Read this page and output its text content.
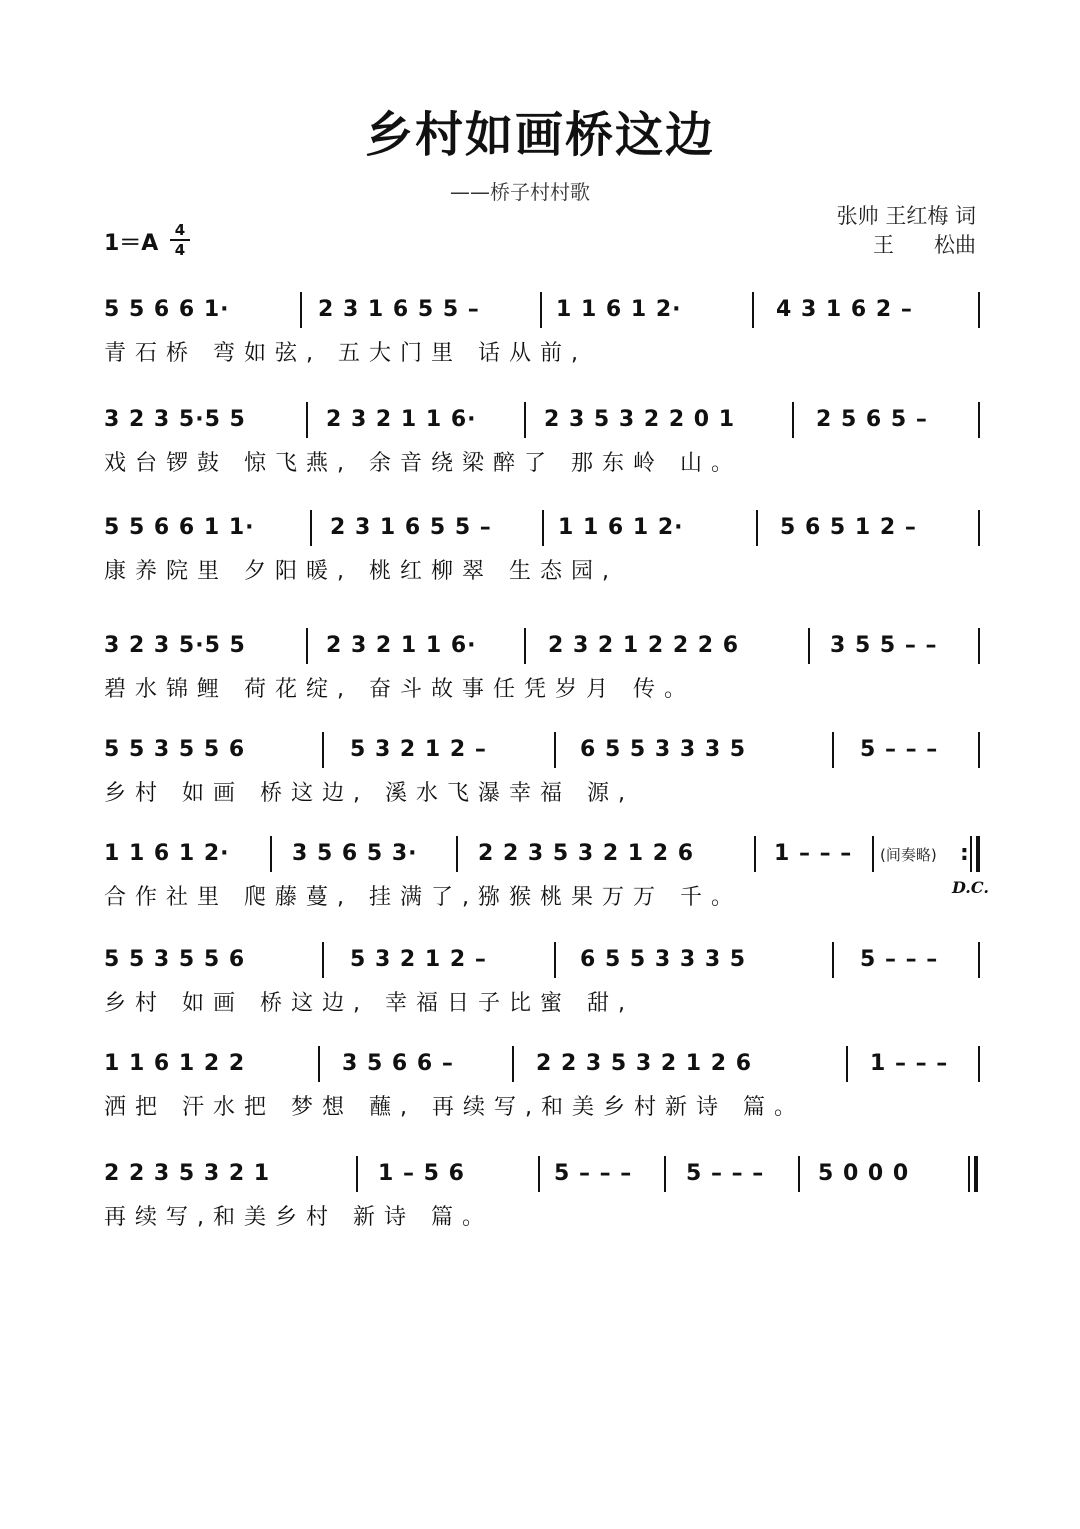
乡村如画桥这边
——桥子村村歌
张帅 王红梅 词
王      松曲
1＝A
4
4
5 5 6 6 1·	2 3 1 6 5 5 –	1 1 6 1 2·	4 3 1 6 2 –
青石桥 弯如弦, 五大门里 话从前,
3 2 3 5·5 5	2 3 2 1 1 6·	2 3 5 3 2 2 0 1	2 5 6 5 –
戏台锣鼓 惊飞燕, 余音绕梁醉了 那东岭 山。
5 5 6 6 1 1·	2 3 1 6 5 5 –	1 1 6 1 2·	5 6 5 1 2 –
康养院里 夕阳暖, 桃红柳翠 生态园,
3 2 3 5·5 5	2 3 2 1 1 6·	2 3 2 1 2 2 2 6	3 5 5 – –
碧水锦鲤 荷花绽, 奋斗故事任凭岁月 传。
5 5 3 5 5 6	5 3 2 1 2 –	6 5 5 3 3 3 5	5 – – –
乡村 如画 桥这边, 溪水飞瀑幸福 源,
1 1 6 1 2·	3 5 6 5 3·	2 2 3 5 3 2 1 2 6	1 – – –	(间奏略) :
合作社里 爬藤蔓, 挂满了,猕猴桃果万万 千。	D.C.
5 5 3 5 5 6	5 3 2 1 2 –	6 5 5 3 3 3 5	5 – – –
乡村 如画 桥这边, 幸福日子比蜜 甜,
1 1 6 1 2 2	3 5 6 6 –	2 2 3 5 3 2 1 2 6	1 – – –
洒把 汗水把 梦想 蘸, 再续写,和美乡村新诗 篇。
2 2 3 5 3 2 1	1 – 5 6	5 – – –	5 – – –	5 0 0 0
再续写,和美乡村 新诗 篇。
